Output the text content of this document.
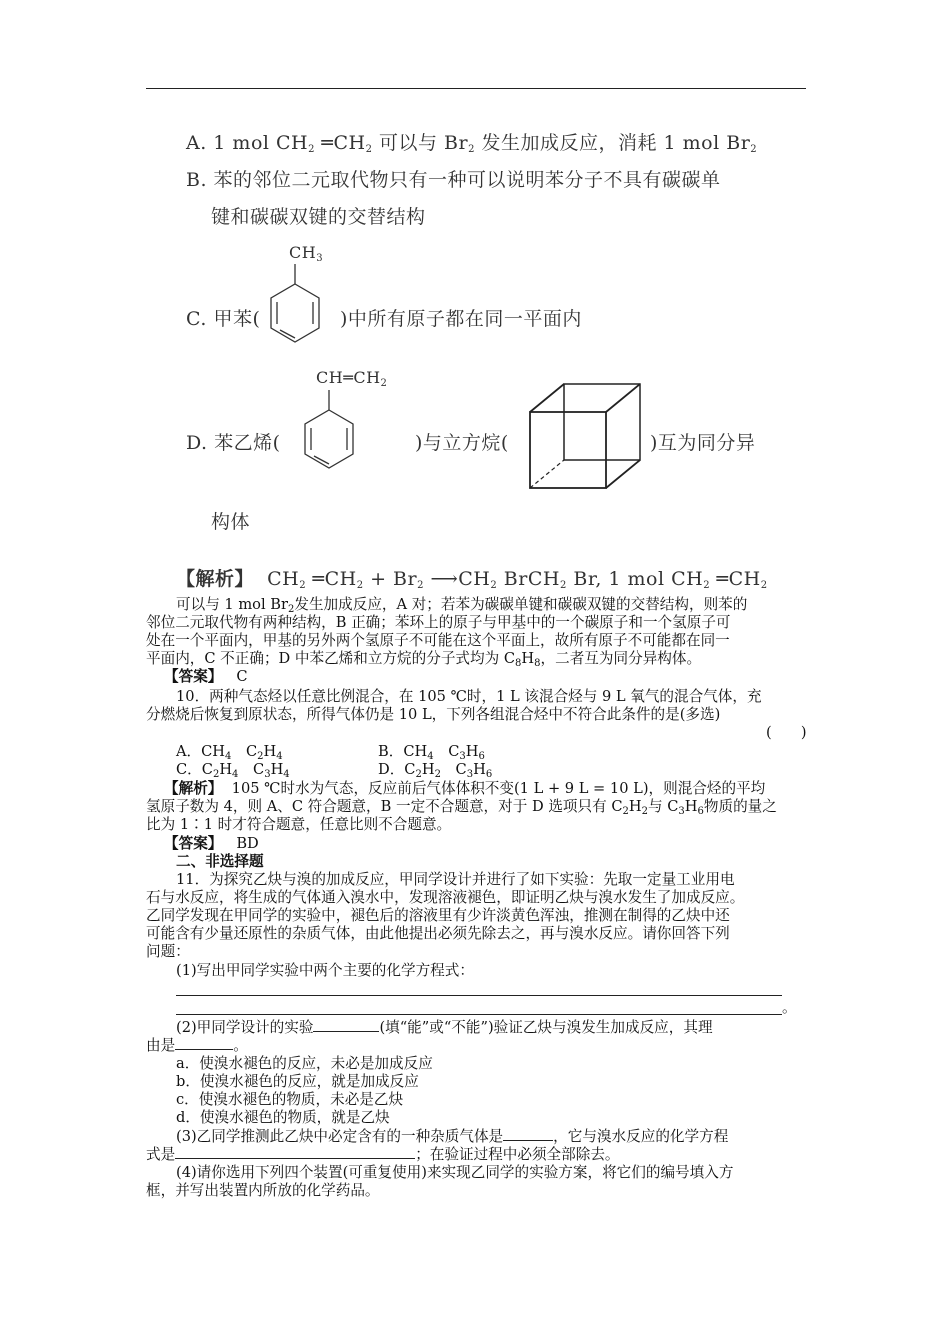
A. 1 mol $CH_2$ $═CH_2$ 可以与 $Br_2$ 发生加成反应，消耗 1 mol $Br_2$
B. 苯的邻位二元取代物只有一种可以说明苯分子不具有碳碳单
键和碳碳双键的交替结构
$CH_3$
C. 甲苯(	)中所有原子都在同一平面内
$CH═CH_2$
D. 苯乙烯(	)与立方烷(	)互为同分异
构体
【解析】 $CH_2$ $═CH_2 + Br_2$ $⟶CH_2$ BrCH$_2$ Br, 1 mol $CH_2$ $═CH_2$
可以与 1 mol $Br_2$发生加成反应，A 对；若苯为碳碳单键和碳碳双键的交替结构，则苯的
邻位二元取代物有两种结构，B 正确；苯环上的原子与甲基中的一个碳原子和一个氢原子可
处在一个平面内，甲基的另外两个氢原子不可能在这个平面上，故所有原子不可能都在同一
平面内，C 不正确；D 中苯乙烯和立方烷的分子式均为 $C_8H_8$，二者互为同分异构体。
【答案】 C
10．两种气态烃以任意比例混合，在 105 ℃时，1 L 该混合烃与 9 L 氧气的混合气体，充
分燃烧后恢复到原状态，所得气体仍是 10 L，下列各组混合烃中不符合此条件的是(多选)
(　　)
A．$CH_4$　$C_2H_4$	B．$CH_4$　$C_3H_6$
C．$C_2H_4$　$C_3H_4$	D．$C_2H_2$　$C_3H_6$
【解析】 105 ℃时水为气态，反应前后气体体积不变(1 L + 9 L = 10 L)，则混合烃的平均
氢原子数为 4，则 A、C 符合题意，B 一定不合题意，对于 D 选项只有 $C_2H_2$与 $C_3H_6$物质的量之
比为 1∶1 时才符合题意，任意比则不合题意。
【答案】 BD
二、非选择题
11．为探究乙炔与溴的加成反应，甲同学设计并进行了如下实验：先取一定量工业用电
石与水反应，将生成的气体通入溴水中，发现溶液褪色，即证明乙炔与溴水发生了加成反应。
乙同学发现在甲同学的实验中，褪色后的溶液里有少许淡黄色浑浊，推测在制得的乙炔中还
可能含有少量还原性的杂质气体，由此他提出必须先除去之，再与溴水反应。请你回答下列
问题：
(1)写出甲同学实验中两个主要的化学方程式：
。
(2)甲同学设计的实验	(填“能”或“不能”)验证乙炔与溴发生加成反应，其理
由是	。
a．使溴水褪色的反应，未必是加成反应
b．使溴水褪色的反应，就是加成反应
c．使溴水褪色的物质，未必是乙炔
d．使溴水褪色的物质，就是乙炔
(3)乙同学推测此乙炔中必定含有的一种杂质气体是	，它与溴水反应的化学方程
式是	；在验证过程中必须全部除去。
(4)请你选用下列四个装置(可重复使用)来实现乙同学的实验方案，将它们的编号填入方
框，并写出装置内所放的化学药品。
